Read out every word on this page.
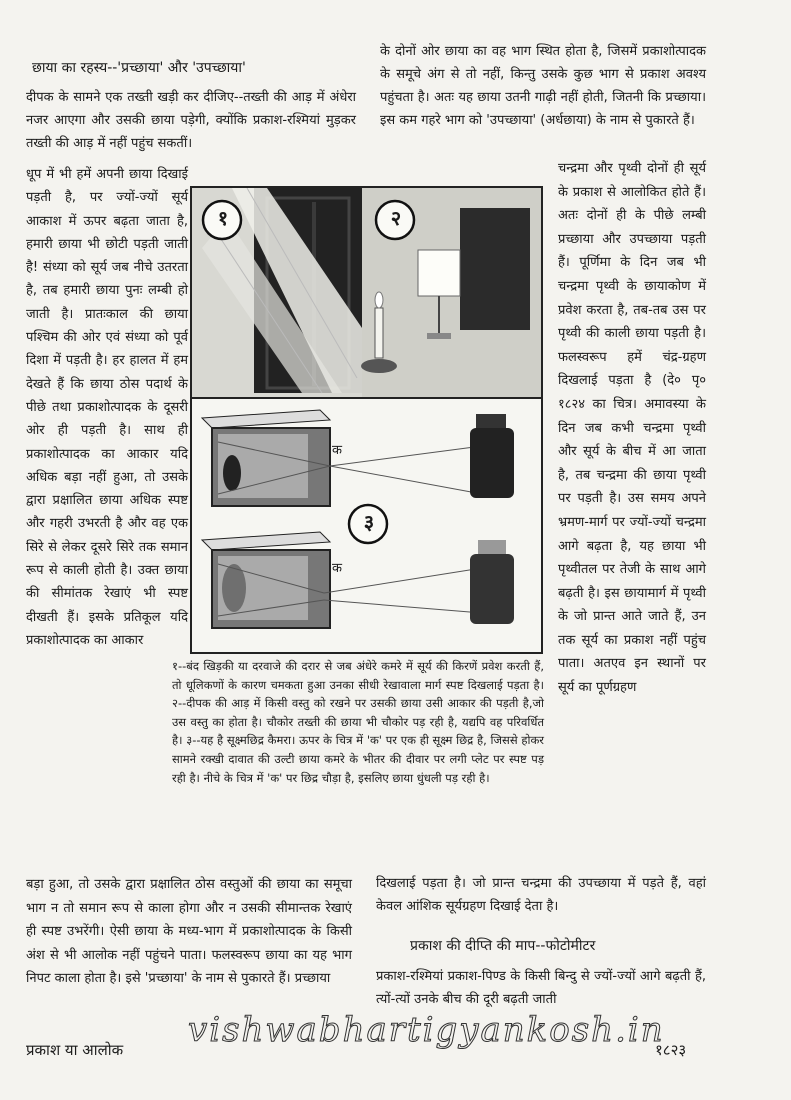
छाया का रहस्य--'प्रच्छाया' और 'उपच्छाया'

दीपक के सामने एक तख्ती खड़ी कर दीजिए--तख्ती की आड़ में अंधेरा नजर आएगा और उसकी छाया पड़ेगी, क्योंकि प्रकाश-रश्मियां मुड़कर तख्ती की आड़ में नहीं पहुंच सकतीं।

धूप में भी हमें अपनी छाया दिखाई पड़ती है, पर ज्यों-ज्यों सूर्य आकाश में ऊपर बढ़ता जाता है, हमारी छाया भी छोटी पड़ती जाती है! संध्या को सूर्य जब नीचे उतरता है, तब हमारी छाया पुनः लम्बी हो जाती है। प्रातःकाल की छाया पश्चिम की ओर एवं संध्या को पूर्व दिशा में पड़ती है। हर हालत में हम देखते हैं कि छाया ठोस पदार्थ के पीछे तथा प्रकाशोत्पादक के दूसरी ओर ही पड़ती है। साथ ही प्रकाशोत्पादक का आकार यदि अधिक बड़ा नहीं हुआ, तो उसके द्वारा प्रक्षालित छाया अधिक स्पष्ट और गहरी उभरती है और वह एक सिरे से लेकर दूसरे सिरे तक समान रूप से काली होती है। उक्त छाया की सीमांतक रेखाएं भी स्पष्ट दीखती हैं। इसके प्रतिकूल यदि प्रकाशोत्पादक का आकार

बड़ा हुआ, तो उसके द्वारा प्रक्षालित ठोस वस्तुओं की छाया का समूचा भाग न तो समान रूप से काला होगा और न उसकी सीमान्तक रेखाएं ही स्पष्ट उभरेंगी। ऐसी छाया के मध्य-भाग में प्रकाशोत्पादक के किसी अंश से भी आलोक नहीं पहुंचने पाता। फलस्वरूप छाया का यह भाग निपट काला होता है। इसे 'प्रच्छाया' के नाम से पुकारते हैं। प्रच्छाया

के दोनों ओर छाया का वह भाग स्थित होता है, जिसमें प्रकाशोत्पादक के समूचे अंग से तो नहीं, किन्तु उसके कुछ भाग से प्रकाश अवश्य पहुंचता है। अतः यह छाया उतनी गाढ़ी नहीं होती, जितनी कि प्रच्छाया। इस कम गहरे भाग को 'उपच्छाया' (अर्धछाया) के नाम से पुकारते हैं।

चन्द्रमा और पृथ्वी दोनों ही सूर्य के प्रकाश से आलोकित होते हैं। अतः दोनों ही के पीछे लम्बी प्रच्छाया और उपच्छाया पड़ती हैं। पूर्णिमा के दिन जब भी चन्द्रमा पृथ्वी के छायाकोण में प्रवेश करता है, तब-तब उस पर पृथ्वी की काली छाया पड़ती है। फलस्वरूप हमें चंद्र-ग्रहण दिखलाई पड़ता है (दे० पृ० १८२४ का चित्र। अमावस्या के दिन जब कभी चन्द्रमा पृथ्वी और सूर्य के बीच में आ जाता है, तब चन्द्रमा की छाया पृथ्वी पर पड़ती है। उस समय अपने भ्रमण-मार्ग पर ज्यों-ज्यों चन्द्रमा आगे बढ़ता है, यह छाया भी पृथ्वीतल पर तेजी के साथ आगे बढ़ती है। इस छायामार्ग में पृथ्वी के जो प्रान्त आते जाते हैं, उन तक सूर्य का प्रकाश नहीं पहुंच पाता। अतएव इन स्थानों पर सूर्य का पूर्णग्रहण

दिखलाई पड़ता है। जो प्रान्त चन्द्रमा की उपच्छाया में पड़ते हैं, वहां केवल आंशिक सूर्यग्रहण दिखाई देता है।

प्रकाश की दीप्ति की माप--फोटोमीटर

प्रकाश-रश्मियां प्रकाश-पिण्ड के किसी बिन्दु से ज्यों-ज्यों आगे बढ़ती हैं, त्यों-त्यों उनके बीच की दूरी बढ़ती जाती

१	२
३
क
क

१--बंद खिड़की या दरवाजे की दरार से जब अंधेरे कमरे में सूर्य की किरणें प्रवेश करती हैं, तो धूलिकणों के कारण चमकता हुआ उनका सीधी रेखावाला मार्ग स्पष्ट दिखलाई पड़ता है। २--दीपक की आड़ में किसी वस्तु को रखने पर उसकी छाया उसी आकार की पड़ती है,जो उस वस्तु का होता है। चौकोर तख्ती की छाया भी चौकोर पड़ रही है, यद्यपि वह परिवर्धित है। ३--यह है सूक्ष्मछिद्र कैमरा। ऊपर के चित्र में 'क' पर एक ही सूक्ष्म छिद्र है, जिससे होकर सामने रक्खी दावात की उल्टी छाया कमरे के भीतर की दीवार पर लगी प्लेट पर स्पष्ट पड़ रही है। नीचे के चित्र में 'क' पर छिद्र चौड़ा है, इसलिए छाया धुंधली पड़ रही है।

प्रकाश या आलोक vishwabhartigyankosh.in
१८२३
